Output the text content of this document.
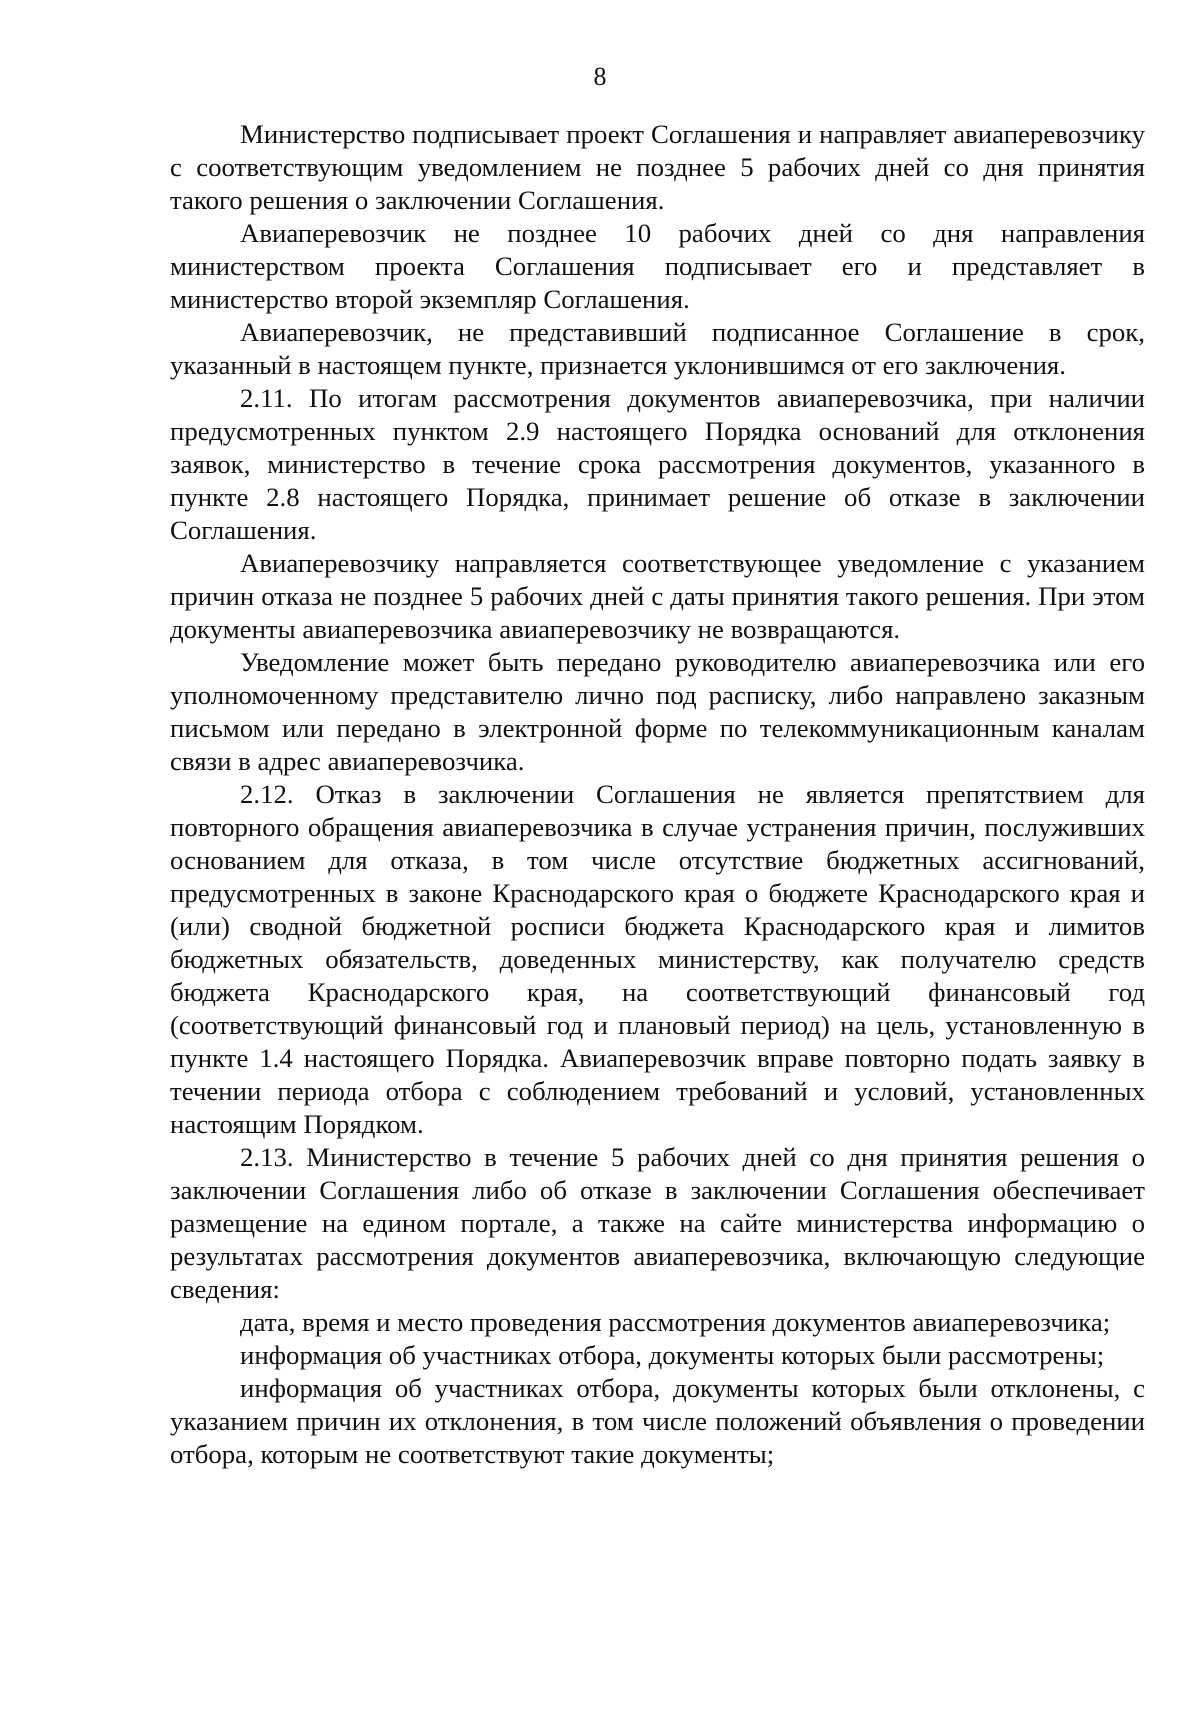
8

Министерство подписывает проект Соглашения и направляет авиаперевозчику с соответствующим уведомлением не позднее 5 рабочих дней со дня принятия такого решения о заключении Соглашения.

Авиаперевозчик не позднее 10 рабочих дней со дня направления министерством проекта Соглашения подписывает его и представляет в министерство второй экземпляр Соглашения.

Авиаперевозчик, не представивший подписанное Соглашение в срок, указанный в настоящем пункте, признается уклонившимся от его заключения.

2.11. По итогам рассмотрения документов авиаперевозчика, при наличии предусмотренных пунктом 2.9 настоящего Порядка оснований для отклонения заявок, министерство в течение срока рассмотрения документов, указанного в пункте 2.8 настоящего Порядка, принимает решение об отказе в заключении Соглашения.

Авиаперевозчику направляется соответствующее уведомление с указанием причин отказа не позднее 5 рабочих дней с даты принятия такого решения. При этом документы авиаперевозчика авиаперевозчику не возвращаются.

Уведомление может быть передано руководителю авиаперевозчика или его уполномоченному представителю лично под расписку, либо направлено заказным письмом или передано в электронной форме по телекоммуникационным каналам связи в адрес авиаперевозчика.

2.12. Отказ в заключении Соглашения не является препятствием для повторного обращения авиаперевозчика в случае устранения причин, послуживших основанием для отказа, в том числе отсутствие бюджетных ассигнований, предусмотренных в законе Краснодарского края о бюджете Краснодарского края и (или) сводной бюджетной росписи бюджета Краснодарского края и лимитов бюджетных обязательств, доведенных министерству, как получателю средств бюджета Краснодарского края, на соответствующий финансовый год (соответствующий финансовый год и плановый период) на цель, установленную в пункте 1.4 настоящего Порядка. Авиаперевозчик вправе повторно подать заявку в течении периода отбора с соблюдением требований и условий, установленных настоящим Порядком.

2.13. Министерство в течение 5 рабочих дней со дня принятия решения о заключении Соглашения либо об отказе в заключении Соглашения обеспечивает размещение на едином портале, а также на сайте министерства информацию о результатах рассмотрения документов авиаперевозчика, включающую следующие сведения:

дата, время и место проведения рассмотрения документов авиаперевозчика;

информация об участниках отбора, документы которых были рассмотрены;

информация об участниках отбора, документы которых были отклонены, с указанием причин их отклонения, в том числе положений объявления о проведении отбора, которым не соответствуют такие документы;
